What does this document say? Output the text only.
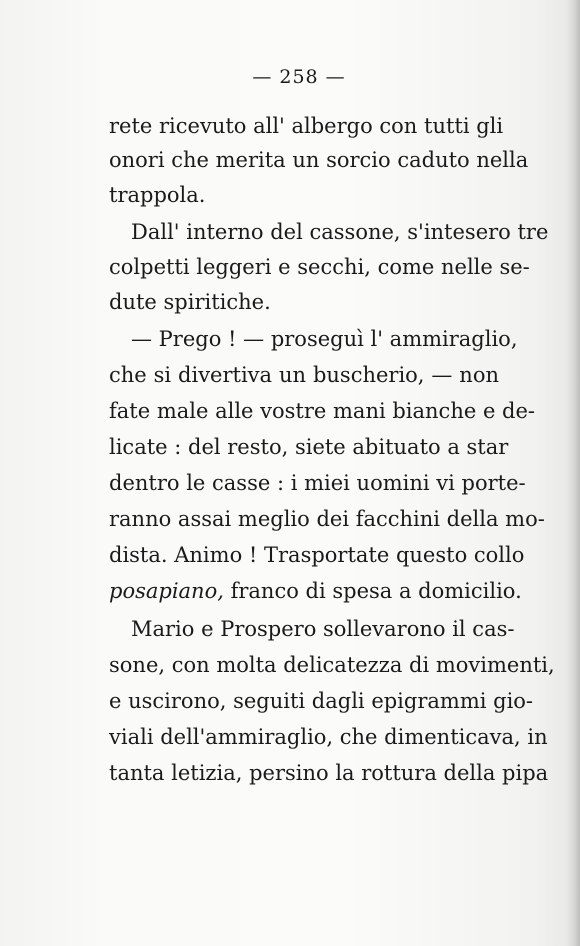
— 258 —
rete ricevuto all' albergo con tutti gli
onori che merita un sorcio caduto nella
trappola.
Dall' interno del cassone, s'intesero tre
colpetti leggeri e secchi, come nelle se-
dute spiritiche.
— Prego ! — proseguì l' ammiraglio,
che si divertiva un buscherio, — non
fate male alle vostre mani bianche e de-
licate : del resto, siete abituato a star
dentro le casse : i miei uomini vi porte-
ranno assai meglio dei facchini della mo-
dista. Animo ! Trasportate questo collo
posapiano, franco di spesa a domicilio.
Mario e Prospero sollevarono il cas-
sone, con molta delicatezza di movimenti,
e uscirono, seguiti dagli epigrammi gio-
viali dell'ammiraglio, che dimenticava, in
tanta letizia, persino la rottura della pipa
